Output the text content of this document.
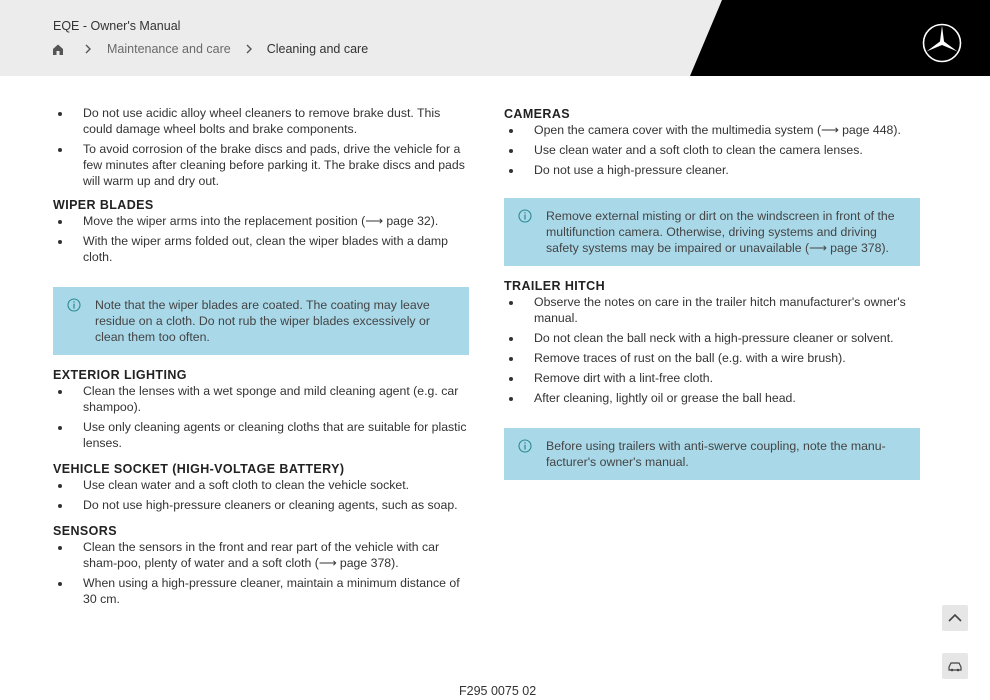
EQE - Owner's Manual
Maintenance and care	Cleaning and care
Do not use acidic alloy wheel cleaners to remove brake dust. This could damage wheel bolts and brake components.
To avoid corrosion of the brake discs and pads, drive the vehicle for a few minutes after cleaning before parking it. The brake discs and pads will warm up and dry out.
WIPER BLADES
Move the wiper arms into the replacement position (⟶ page 32).
With the wiper arms folded out, clean the wiper blades with a damp cloth.
Note that the wiper blades are coated. The coating may leave residue on a cloth. Do not rub the wiper blades excessively or clean them too often.
EXTERIOR LIGHTING
Clean the lenses with a wet sponge and mild cleaning agent (e.g. car shampoo).
Use only cleaning agents or cleaning cloths that are suitable for plastic lenses.
VEHICLE SOCKET (HIGH-VOLTAGE BATTERY)
Use clean water and a soft cloth to clean the vehicle socket.
Do not use high-pressure cleaners or cleaning agents, such as soap.
SENSORS
Clean the sensors in the front and rear part of the vehicle with car sham-poo, plenty of water and a soft cloth (⟶ page 378).
When using a high-pressure cleaner, maintain a minimum distance of 30 cm.
CAMERAS
Open the camera cover with the multimedia system (⟶ page 448).
Use clean water and a soft cloth to clean the camera lenses.
Do not use a high-pressure cleaner.
Remove external misting or dirt on the windscreen in front of the multifunction camera. Otherwise, driving systems and driving safety systems may be impaired or unavailable (⟶ page 378).
TRAILER HITCH
Observe the notes on care in the trailer hitch manufacturer's owner's manual.
Do not clean the ball neck with a high-pressure cleaner or solvent.
Remove traces of rust on the ball (e.g. with a wire brush).
Remove dirt with a lint-free cloth.
After cleaning, lightly oil or grease the ball head.
Before using trailers with anti-swerve coupling, note the manu-facturer's owner's manual.
F295 0075 02
